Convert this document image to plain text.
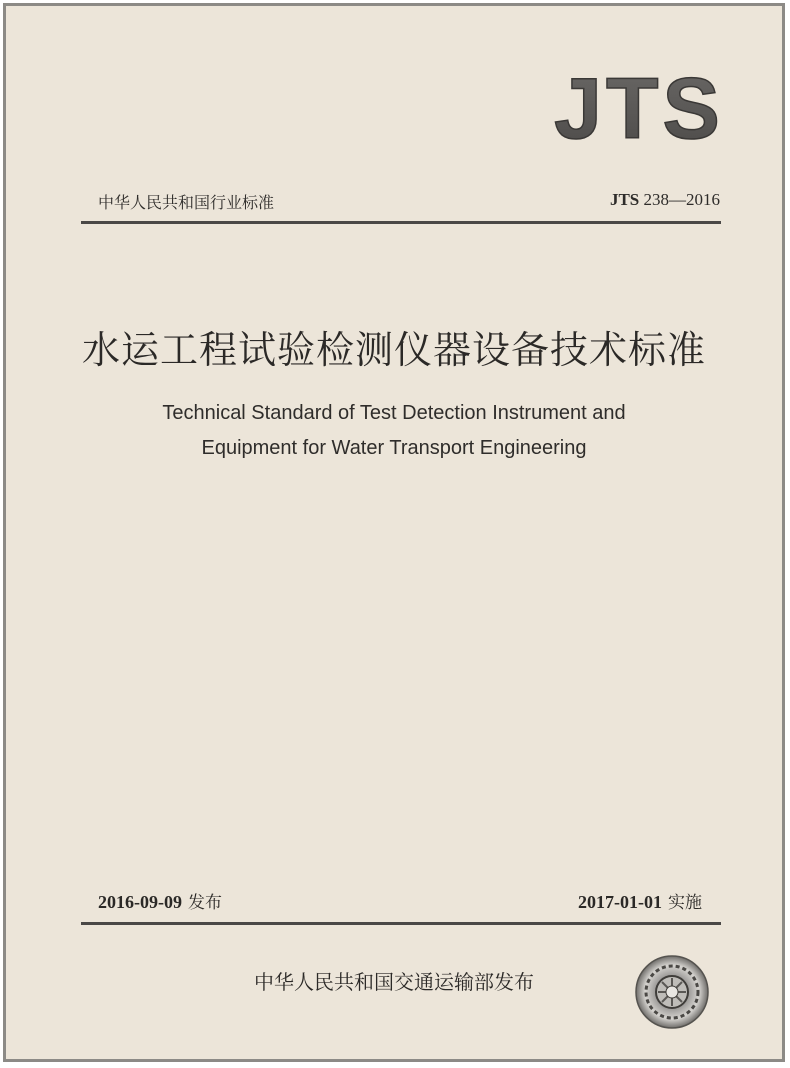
JTS
中华人民共和国行业标准	JTS 238—2016
水运工程试验检测仪器设备技术标准
Technical Standard of Test Detection Instrument and
Equipment for Water Transport Engineering
2016-09-09 发布	2017-01-01 实施
中华人民共和国交通运输部发布
